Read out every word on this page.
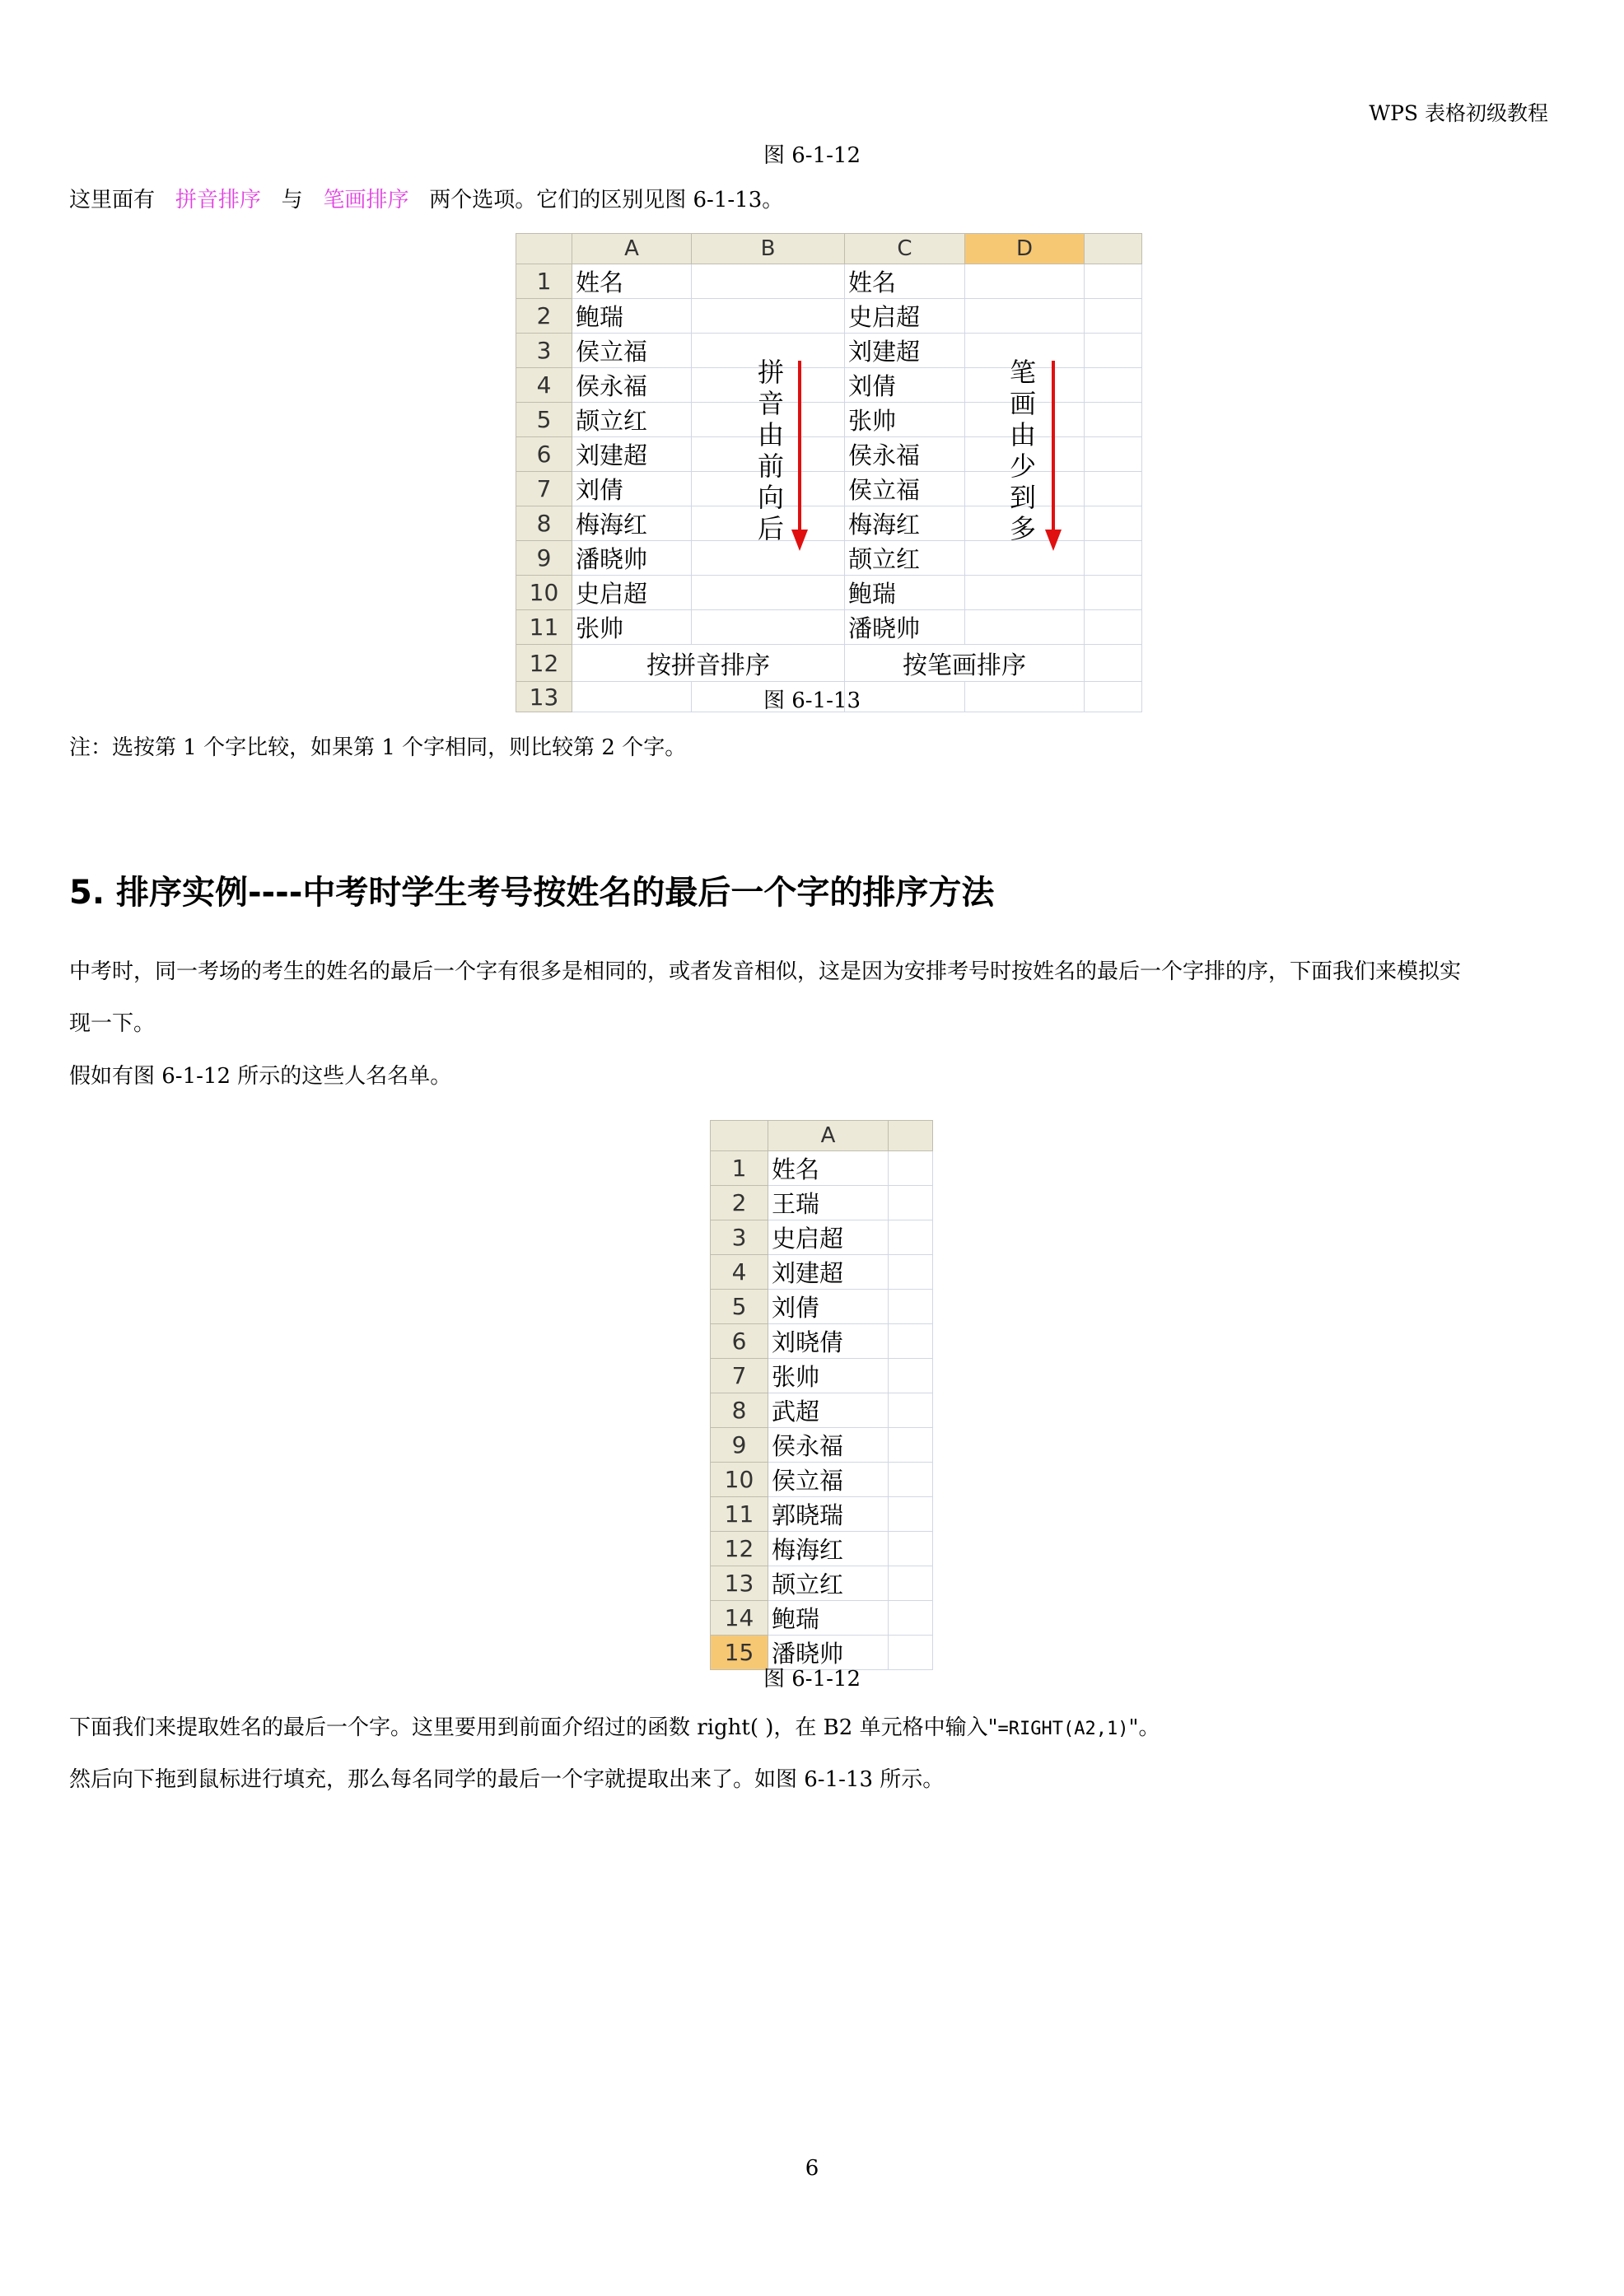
WPS 表格初级教程
图 6-1-12
这里面有 拼音排序 与 笔画排序 两个选项。它们的区别见图 6-1-13。
	A	B	C	D	
1	姓名		姓名		
2	鲍瑞		史启超		
3	侯立福		刘建超		
4	侯永福		刘倩		
5	颉立红		张帅		
6	刘建超		侯永福		
7	刘倩		侯立福		
8	梅海红		梅海红		
9	潘晓帅		颉立红		
10	史启超		鲍瑞		
11	张帅		潘晓帅		
12	按拼音排序		按笔画排序		
13					
拼
音
由
前
向
后
笔
画
由
少
到
多
图 6-1-13
注：选按第 1 个字比较，如果第 1 个字相同，则比较第 2 个字。
5. 排序实例----中考时学生考号按姓名的最后一个字的排序方法
中考时，同一考场的考生的姓名的最后一个字有很多是相同的，或者发音相似，这是因为安排考号时按姓名的最后一个字排的序，下面我们来模拟实
现一下。
假如有图 6-1-12 所示的这些人名名单。
	A	
1	姓名	
2	王瑞	
3	史启超	
4	刘建超	
5	刘倩	
6	刘晓倩	
7	张帅	
8	武超	
9	侯永福	
10	侯立福	
11	郭晓瑞	
12	梅海红	
13	颉立红	
14	鲍瑞	
15	潘晓帅	
图 6-1-12
下面我们来提取姓名的最后一个字。这里要用到前面介绍过的函数 right( )，在 B2 单元格中输入"=RIGHT(A2,1)"。
然后向下拖到鼠标进行填充，那么每名同学的最后一个字就提取出来了。如图 6-1-13 所示。
6
